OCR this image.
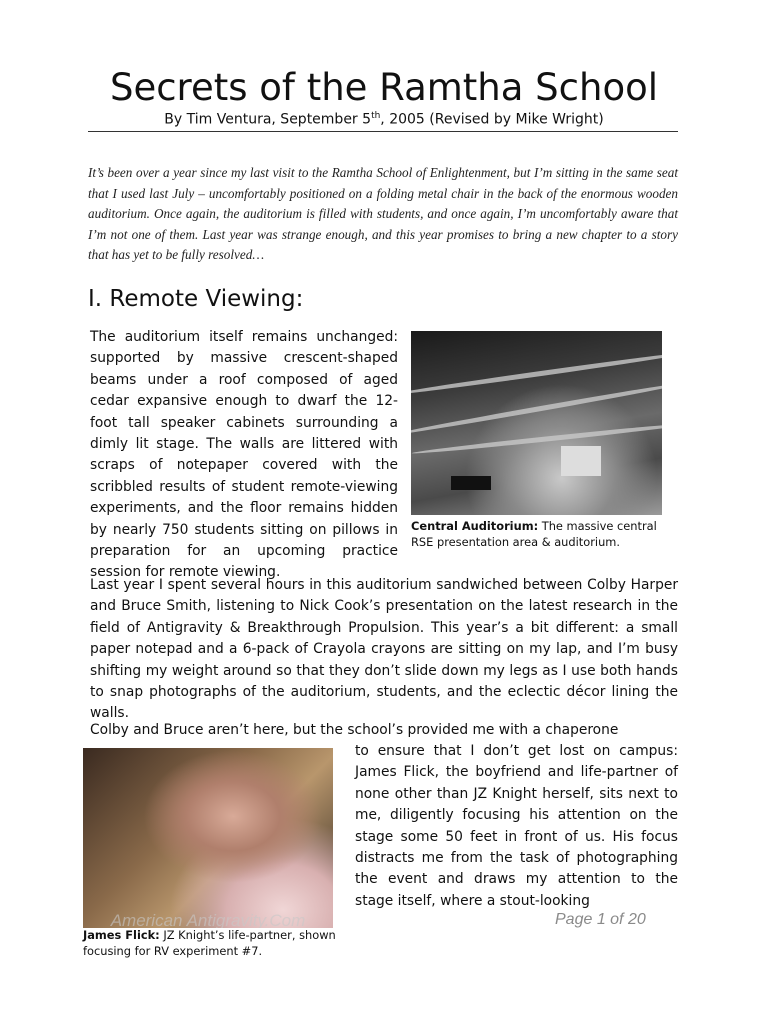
Secrets of the Ramtha School
By Tim Ventura, September 5th, 2005 (Revised by Mike Wright)
It’s been over a year since my last visit to the Ramtha School of Enlightenment, but I’m sitting in the same seat that I used last July – uncomfortably positioned on a folding metal chair in the back of the enormous wooden auditorium. Once again, the auditorium is filled with students, and once again, I’m uncomfortably aware that I’m not one of them. Last year was strange enough, and this year promises to bring a new chapter to a story that has yet to be fully resolved…
I. Remote Viewing:
The auditorium itself remains unchanged: supported by massive crescent-shaped beams under a roof composed of aged cedar expansive enough to dwarf the 12-foot tall speaker cabinets surrounding a dimly lit stage. The walls are littered with scraps of notepaper covered with the scribbled results of student remote-viewing experiments, and the floor remains hidden by nearly 750 students sitting on pillows in preparation for an upcoming practice session for remote viewing.
Central Auditorium: The massive central RSE presentation area & auditorium.
Last year I spent several hours in this auditorium sandwiched between Colby Harper and Bruce Smith, listening to Nick Cook’s presentation on the latest research in the field of Antigravity & Breakthrough Propulsion. This year’s a bit different: a small paper notepad and a 6-pack of Crayola crayons are sitting on my lap, and I’m busy shifting my weight around so that they don’t slide down my legs as I use both hands to snap photographs of the auditorium, students, and the eclectic décor lining the walls.
Colby and Bruce aren’t here, but the school’s provided me with a chaperone
to ensure that I don’t get lost on campus: James Flick, the boyfriend and life-partner of none other than JZ Knight herself, sits next to me, diligently focusing his attention on the stage some 50 feet in front of us. His focus distracts me from the task of photographing the event and draws my attention to the stage itself, where a stout-looking
American Antigravity.Com
James Flick: JZ Knight’s life-partner, shown focusing for RV experiment #7.
Page 1 of 20
